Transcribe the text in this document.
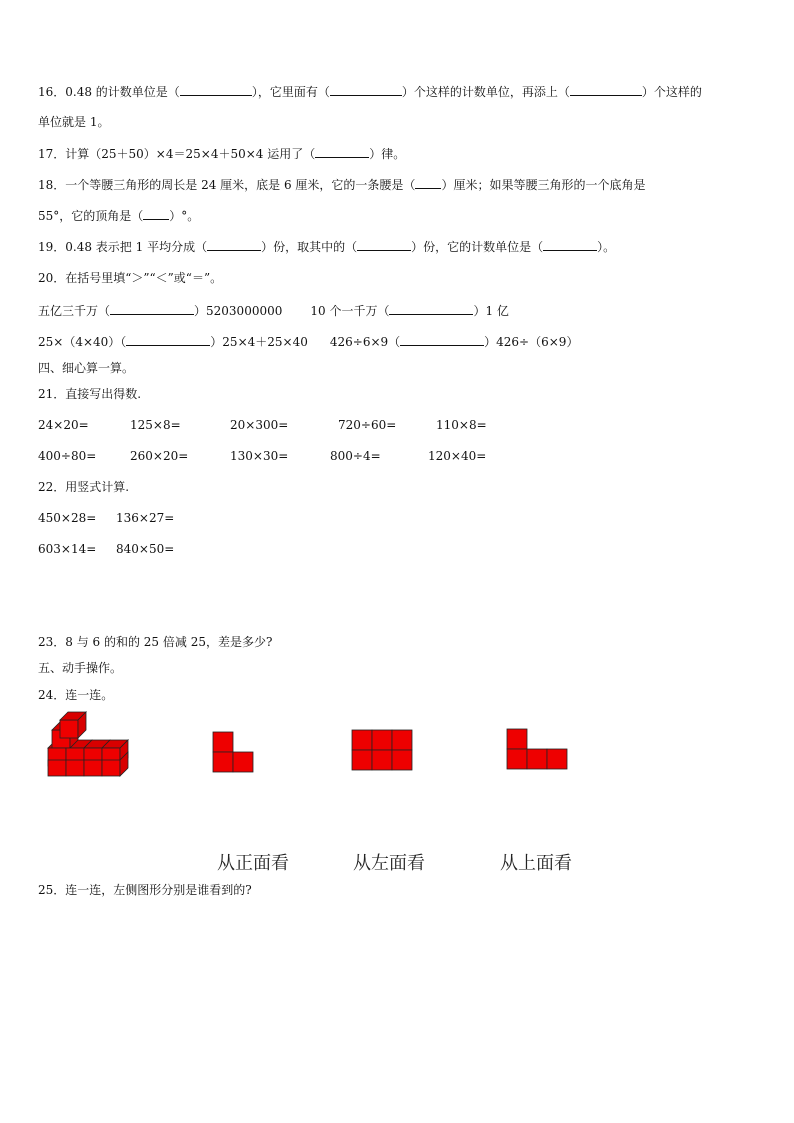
16．0.48 的计数单位是（	），它里面有（	）个这样的计数单位，再添上（	）个这样的
单位就是 1。
17．计算（25＋50）×4＝25×4＋50×4 运用了（	）律。
18．一个等腰三角形的周长是 24 厘米，底是 6 厘米，它的一条腰是（ ）厘米；如果等腰三角形的一个底角是
55°，它的顶角是（ ）°。
19．0.48 表示把 1 平均分成（	）份，取其中的（	）份，它的计数单位是（	）。
20．在括号里填“＞”“＜”或“＝”。
五亿三千万（	）5203000000 10 个一千万（	）1 亿
25×（4×40）（	）25×4＋25×40 426÷6×9（	）426÷（6×9）
四、细心算一算。
21．直接写出得数.
24×20=	125×8=	20×300=	720÷60=	110×8=
400÷80=	260×20=	130×30=	800÷4=	120×40=
22．用竖式计算.
450×28= 136×27=
603×14= 840×50=
23．8 与 6 的和的 25 倍减 25，差是多少?
五、动手操作。
24．连一连。
从正面看	从左面看	从上面看
25．连一连，左侧图形分别是谁看到的?
